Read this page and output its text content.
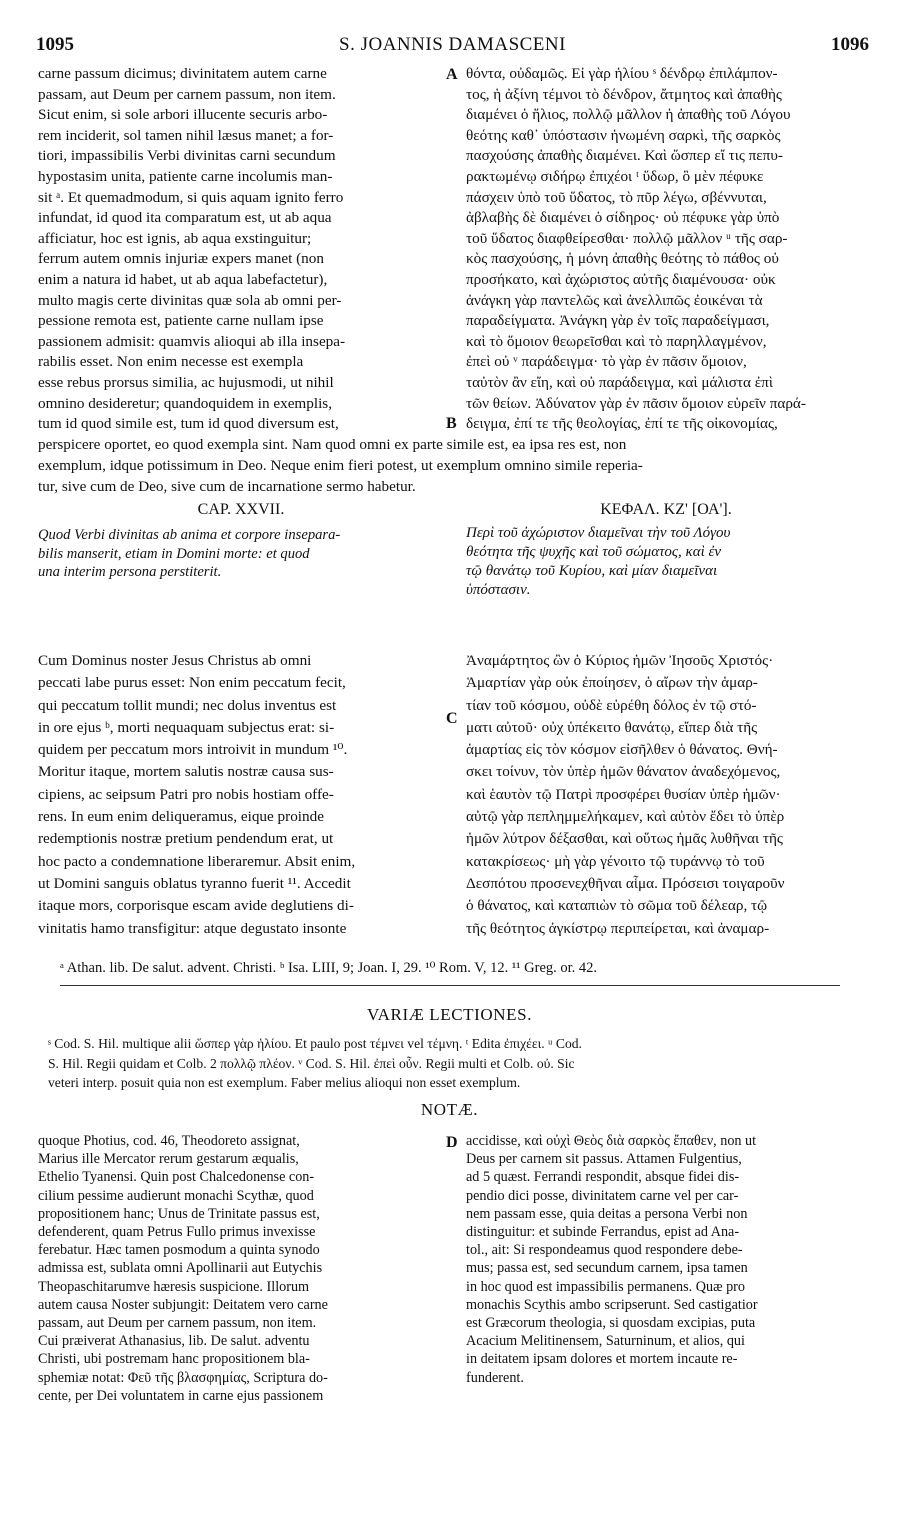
1095	S. JOANNIS DAMASCENI	1096
A
B
C
D
carne passum dicimus; divinitatem autem carne
passam, aut Deum per carnem passum, non item.
Sicut enim, si sole arbori illucente securis arbo-
rem inciderit, sol tamen nihil læsus manet; a for-
tiori, impassibilis Verbi divinitas carni secundum
hypostasim unita, patiente carne incolumis man-
sit ᵃ. Et quemadmodum, si quis aquam ignito ferro
infundat, id quod ita comparatum est, ut ab aqua
afficiatur, hoc est ignis, ab aqua exstinguitur;
ferrum autem omnis injuriæ expers manet (non
enim a natura id habet, ut ab aqua labefactetur),
multo magis certe divinitas quæ sola ab omni per-
pessione remota est, patiente carne nullam ipse
passionem admisit: quamvis alioqui ab illa insepa-
rabilis esset. Non enim necesse est exempla
esse rebus prorsus similia, ac hujusmodi, ut nihil
omnino desideretur; quandoquidem in exemplis,
tum id quod simile est, tum id quod diversum est,
θόντα, οὐδαμῶς. Εἰ γὰρ ἡλίου ˢ δένδρῳ ἐπιλάμπον-
τος, ἡ ἀξίνη τέμνοι τὸ δένδρον, ἄτμητος καὶ ἀπαθὴς
διαμένει ὁ ἥλιος, πολλῷ μᾶλλον ἡ ἀπαθὴς τοῦ Λόγου
θεότης καθ᾿ ὑπόστασιν ἡνωμένη σαρκὶ, τῆς σαρκὸς
πασχούσης ἀπαθὴς διαμένει. Καὶ ὥσπερ εἴ τις πεπυ-
ρακτωμένῳ σιδήρῳ ἐπιχέοι ᵗ ὕδωρ, ὃ μὲν πέφυκε
πάσχειν ὑπὸ τοῦ ὕδατος, τὸ πῦρ λέγω, σβέννυται,
ἀβλαβὴς δὲ διαμένει ὁ σίδηρος· οὐ πέφυκε γὰρ ὑπὸ
τοῦ ὕδατος διαφθείρεσθαι· πολλῷ μᾶλλον ᵘ τῆς σαρ-
κὸς πασχούσης, ἡ μόνη ἀπαθὴς θεότης τὸ πάθος οὐ
προσήκατο, καὶ ἀχώριστος αὐτῆς διαμένουσα· οὐκ
ἀνάγκη γὰρ παντελῶς καὶ ἀνελλιπῶς ἐοικέναι τὰ
παραδείγματα. Ἀνάγκη γὰρ ἐν τοῖς παραδείγμασι,
καὶ τὸ ὅμοιον θεωρεῖσθαι καὶ τὸ παρηλλαγμένον,
ἐπεὶ οὐ ᵛ παράδειγμα· τὸ γὰρ ἐν πᾶσιν ὅμοιον,
ταὐτὸν ἂν εἴη, καὶ οὐ παράδειγμα, καὶ μάλιστα ἐπὶ
τῶν θείων. Ἀδύνατον γὰρ ἐν πᾶσιν ὅμοιον εὑρεῖν παρά-
δειγμα, ἐπί τε τῆς θεολογίας, ἐπί τε τῆς οἰκονομίας,
perspicere oportet, eo quod exempla sint. Nam quod omni ex parte simile est, ea ipsa res est, non
exemplum, idque potissimum in Deo. Neque enim fieri potest, ut exemplum omnino simile reperia-
tur, sive cum de Deo, sive cum de incarnatione sermo habetur.
CAP. XXVII.	ΚΕΦΑΛ. ΚΖ' [ΟΑ'].
Quod Verbi divinitas ab anima et corpore insepara-
bilis manserit, etiam in Domini morte: et quod
una interim persona perstiterit.
Περὶ τοῦ ἀχώριστον διαμεῖναι τὴν τοῦ Λόγου
θεότητα τῆς ψυχῆς καὶ τοῦ σώματος, καὶ ἐν
τῷ θανάτῳ τοῦ Κυρίου, καὶ μίαν διαμεῖναι
ὑπόστασιν.
Cum Dominus noster Jesus Christus ab omni
peccati labe purus esset: Non enim peccatum fecit,
qui peccatum tollit mundi; nec dolus inventus est
in ore ejus ᵇ, morti nequaquam subjectus erat: si-
quidem per peccatum mors introivit in mundum ¹⁰.
Moritur itaque, mortem salutis nostræ causa sus-
cipiens, ac seipsum Patri pro nobis hostiam offe-
rens. In eum enim deliqueramus, eique proinde
redemptionis nostræ pretium pendendum erat, ut
hoc pacto a condemnatione liberaremur. Absit enim,
ut Domini sanguis oblatus tyranno fuerit ¹¹. Accedit
itaque mors, corporisque escam avide deglutiens di-
vinitatis hamo transfigitur: atque degustato insonte
Ἀναμάρτητος ὢν ὁ Κύριος ἡμῶν Ἰησοῦς Χριστός·
Ἁμαρτίαν γὰρ οὐκ ἐποίησεν, ὁ αἴρων τὴν ἁμαρ-
τίαν τοῦ κόσμου, οὐδὲ εὑρέθη δόλος ἐν τῷ στό-
ματι αὐτοῦ· οὐχ ὑπέκειτο θανάτῳ, εἴπερ διὰ τῆς
ἁμαρτίας εἰς τὸν κόσμον εἰσῆλθεν ὁ θάνατος. Θνή-
σκει τοίνυν, τὸν ὑπὲρ ἡμῶν θάνατον ἀναδεχόμενος,
καὶ ἑαυτὸν τῷ Πατρὶ προσφέρει θυσίαν ὑπὲρ ἡμῶν·
αὐτῷ γὰρ πεπλημμελήκαμεν, καὶ αὐτὸν ἔδει τὸ ὑπὲρ
ἡμῶν λύτρον δέξασθαι, καὶ οὕτως ἡμᾶς λυθῆναι τῆς
κατακρίσεως· μὴ γὰρ γένοιτο τῷ τυράννῳ τὸ τοῦ
Δεσπότου προσενεχθῆναι αἷμα. Πρόσεισι τοιγαροῦν
ὁ θάνατος, καὶ καταπιὼν τὸ σῶμα τοῦ δέλεαρ, τῷ
τῆς θεότητος ἀγκίστρῳ περιπείρεται, καὶ ἀναμαρ-
ᵃ Athan. lib. De salut. advent. Christi. ᵇ Isa. LIII, 9; Joan. I, 29. ¹⁰ Rom. V, 12. ¹¹ Greg. or. 42.
VARIÆ LECTIONES.
ˢ Cod. S. Hil. multique alii ὥσπερ γὰρ ἡλίου. Et paulo post τέμνει vel τέμνη. ᵗ Edita ἐπιχέει. ᵘ Cod.
S. Hil. Regii quidam et Colb. 2 πολλῷ πλέον. ᵛ Cod. S. Hil. ἐπεὶ οὖν. Regii multi et Colb. οὐ. Sic
veteri interp. posuit quia non est exemplum. Faber melius alioqui non esset exemplum.
NOTÆ.
quoque Photius, cod. 46, Theodoreto assignat,
Marius ille Mercator rerum gestarum æqualis,
Ethelio Tyanensi. Quin post Chalcedonense con-
cilium pessime audierunt monachi Scythæ, quod
propositionem hanc; Unus de Trinitate passus est,
defenderent, quam Petrus Fullo primus invexisse
ferebatur. Hæc tamen posmodum a quinta synodo
admissa est, sublata omni Apollinarii aut Eutychis
Theopaschitarumve hæresis suspicione. Illorum
autem causa Noster subjungit: Deitatem vero carne
passam, aut Deum per carnem passum, non item.
Cui præiverat Athanasius, lib. De salut. adventu
Christi, ubi postremam hanc propositionem bla-
sphemiæ notat: Φεῦ τῆς βλασφημίας, Scriptura do-
cente, per Dei voluntatem in carne ejus passionem
accidisse, καὶ οὐχὶ Θεὸς διὰ σαρκὸς ἔπαθεν, non ut
Deus per carnem sit passus. Attamen Fulgentius,
ad 5 quæst. Ferrandi respondit, absque fidei dis-
pendio dici posse, divinitatem carne vel per car-
nem passam esse, quia deitas a persona Verbi non
distinguitur: et subinde Ferrandus, epist ad Ana-
tol., ait: Si respondeamus quod respondere debe-
mus; passa est, sed secundum carnem, ipsa tamen
in hoc quod est impassibilis permanens. Quæ pro
monachis Scythis ambo scripserunt. Sed castigatior
est Græcorum theologia, si quosdam excipias, puta
Acacium Melitinensem, Saturninum, et alios, qui
in deitatem ipsam dolores et mortem incaute re-
funderent.
